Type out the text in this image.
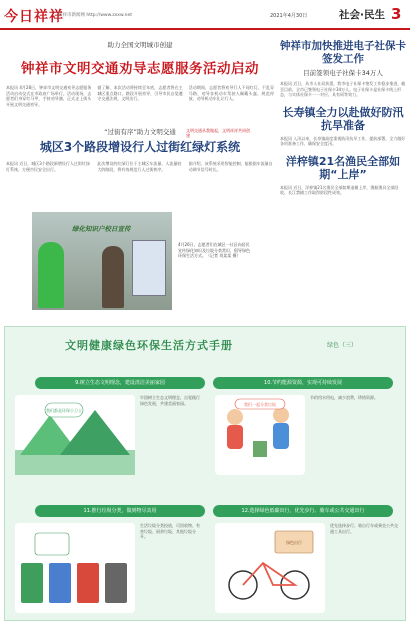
今日祥祥
祥祥市新闻网 http://www.zxxw.net	2021年4月30日	社会·民生 3
助力全国文明城市创建
钟祥市文明交通劝导志愿服务活动启动
本报讯 4月28日，钟祥市文明交通劝导志愿服务活动启动仪式在市政府广场举行。活动现场，志愿者们身穿红马甲，手持劝导旗，正式走上街头开展文明交通劝导。
据了解，本次活动将持续至年底，志愿者将在主城区重点路口、路段开展劝导，引导市民自觉遵守交通法规，文明出行。
活动期间，志愿者将劝导行人不闯红灯、不乱穿马路，劝导非机动车驾驶人佩戴头盔、规范停放，劝导机动车礼让行人。
“过街有序”助力文明交通
城区3个路段增设行人过街红绿灯系统
本报讯 近日，城区3个路段新增设行人过街红绿灯系统，方便市民安全出行。
此次增设的红绿灯位于主城区车流量、人流量较大的路段，将有效规范行人过街秩序。
据介绍，该系统采用智能控制，能根据车流量自动调节信号时长。
文明交通从我做起，文明祥祥共同创建
绿化知识户校日宣传
4月26日，志愿者们在城区一社区向居民宣传绿化知识及垃圾分类常识，倡导绿色环保生活方式。（记者 刘某某 摄）
钟祥市加快推进电子社保卡签发工作
目前签领电子社保卡34万人
本报讯 近日，从市人社局获悉，我市电子社保卡签发工作稳步推进，截至目前，全市已签领电子社保卡34万人。电子社保卡是社保卡线上形态，与实体社保卡一一对应、具有同等效力。
长寿镇全力以赴做好防汛抗旱准备
本报讯 入汛以来，长寿镇高度重视防汛抗旱工作，提前部署，全力做好各项准备工作，确保安全度汛。
洋梓镇21名渔民全部如期“上岸”
本报讯 近日，洋梓镇21名渔民全部如期退捕上岸，渔船渔具全部回收，长江禁捕工作取得阶段性成效。
文明健康绿色环保生活方式手册	绿色（三）
9.树立生态文明理念，建设清洁美丽家园	10.节约能源资源，实现可持续发展
我们都是环保小卫士
牢固树立生态文明理念，自觉践行绿色发展，共建美丽家园。	我们一起分类垃圾
节约用水用电，减少浪费，珍惜资源。
11.推行垃圾分类，做到物尽其用	12.选择绿色低碳出行，优先步行、骑车或公共交通出行
生活垃圾分类投放，可回收物、有害垃圾、厨余垃圾、其他垃圾分开。
绿色出行
优先选择步行、骑自行车或乘坐公共交通工具出行。
